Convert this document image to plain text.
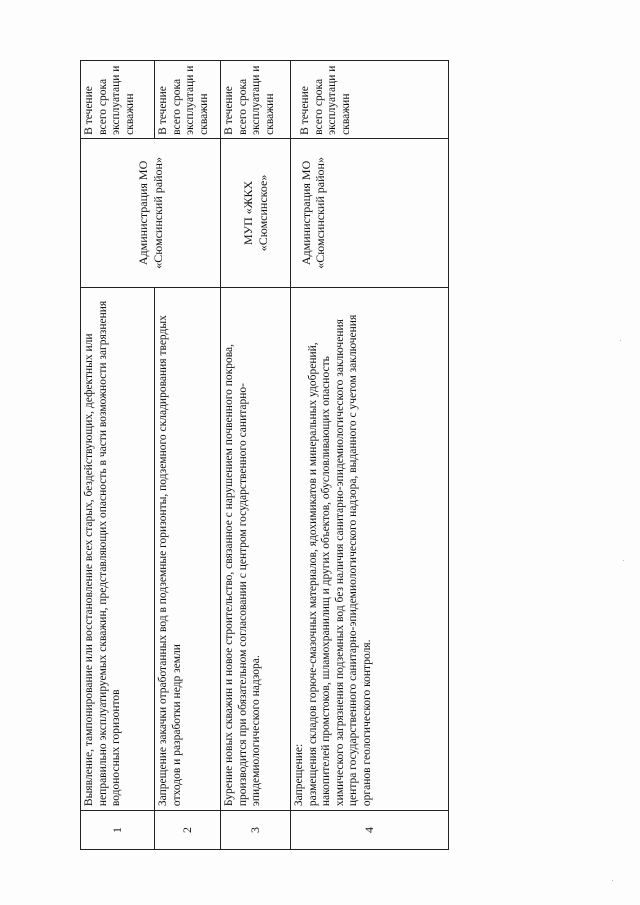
1	Выявление, тампонирование или восстановление всех старых, бездействующих, дефектных или неправильно эксплуатируемых скважин, представляющих опасность в части возможности загрязнения водоносных горизонтов	Администрация МО «Сюмсинский район»	В течение всего срока эксплуатаци и скважин
2	Запрещение закачки отработанных вод в подземные горизонты, подземного складирования твердых отходов и разработки недр земли		В течение всего срока эксплуатаци и скважин
3	Бурение новых скважин и новое строительство, связанное с нарушением почвенного покрова, производится при обязательном согласовании с центром государственного санитарно-эпидемиологического надзора.	МУП «ЖКХ «Сюмсинское»	В течение всего срока эксплуатаци и скважин
4	Запрещение: размещения складов горюче-смазочных материалов, ядохимикатов и минеральных удобрений, накопителей промстоков, шламохранилищ и других объектов, обусловливающих опасность химического загрязнения подземных вод без наличия санитарно-эпидемиологического заключения центра государственного санитарно-эпидемиологического надзора, выданного с учетом заключения органов геологического контроля.	Администрация МО «Сюмсинский район»	В течение всего срока эксплуатаци и скважин
